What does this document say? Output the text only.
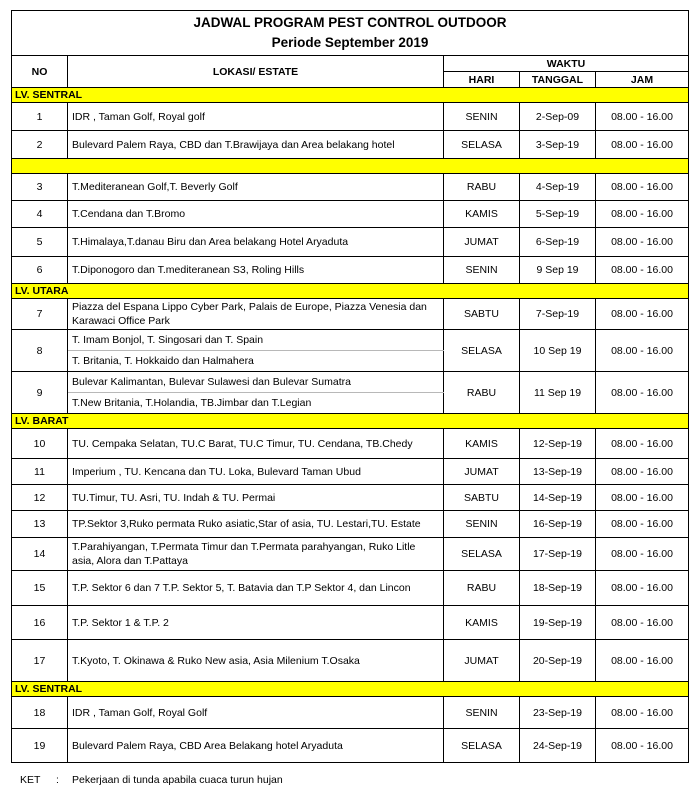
JADWAL PROGRAM PEST CONTROL OUTDOOR
Periode September 2019				

NO	LOKASI/ ESTATE	WAKTU		
		HARI	TANGGAL	JAM
LV. SENTRAL				
1	IDR , Taman Golf, Royal golf	SENIN	2-Sep-09	08.00 - 16.00
2	Bulevard Palem Raya, CBD dan T.Brawijaya dan Area belakang hotel	SELASA	3-Sep-19	08.00 - 16.00

3	T.Mediteranean Golf,T. Beverly Golf	RABU	4-Sep-19	08.00 - 16.00
4	T.Cendana dan T.Bromo	KAMIS	5-Sep-19	08.00 - 16.00
5	T.Himalaya,T.danau Biru dan Area belakang Hotel Aryaduta	JUMAT	6-Sep-19	08.00 - 16.00
6	T.Diponogoro dan T.mediteranean S3, Roling Hills	SENIN	9 Sep 19	08.00 - 16.00
LV. UTARA				
7	Piazza del Espana Lippo Cyber Park, Palais de Europe, Piazza Venesia dan Karawaci Office Park	SABTU	7-Sep-19	08.00 - 16.00
8	T. Imam Bonjol, T. Singosari dan T. Spain	SELASA	10 Sep 19	08.00 - 16.00
	T. Britania, T. Hokkaido dan Halmahera			
9	Bulevar Kalimantan, Bulevar Sulawesi dan Bulevar Sumatra	RABU	11 Sep 19	08.00 - 16.00
	T.New Britania, T.Holandia, TB.Jimbar dan T.Legian			
LV. BARAT				
10	TU. Cempaka Selatan, TU.C Barat, TU.C Timur, TU. Cendana, TB.Chedy	KAMIS	12-Sep-19	08.00 - 16.00
11	Imperium , TU. Kencana dan TU. Loka, Bulevard Taman Ubud	JUMAT	13-Sep-19	08.00 - 16.00
12	TU.Timur, TU. Asri, TU. Indah & TU. Permai	SABTU	14-Sep-19	08.00 - 16.00
13	TP.Sektor 3,Ruko permata Ruko asiatic,Star of asia, TU. Lestari,TU. Estate	SENIN	16-Sep-19	08.00 - 16.00
14	T.Parahiyangan, T.Permata Timur dan T.Permata parahyangan, Ruko Litle asia, Alora dan T.Pattaya	SELASA	17-Sep-19	08.00 - 16.00
15	T.P. Sektor 6 dan 7 T.P. Sektor 5, T. Batavia dan T.P Sektor 4, dan Lincon	RABU	18-Sep-19	08.00 - 16.00
16	T.P. Sektor 1 & T.P. 2	KAMIS	19-Sep-19	08.00 - 16.00
17	T.Kyoto, T. Okinawa & Ruko New asia, Asia Milenium T.Osaka	JUMAT	20-Sep-19	08.00 - 16.00
LV. SENTRAL				
18	IDR , Taman Golf, Royal Golf	SENIN	23-Sep-19	08.00 - 16.00
19	Bulevard Palem Raya, CBD Area Belakang hotel Aryaduta	SELASA	24-Sep-19	08.00 - 16.00
KET : Pekerjaan di tunda apabila cuaca turun hujan
